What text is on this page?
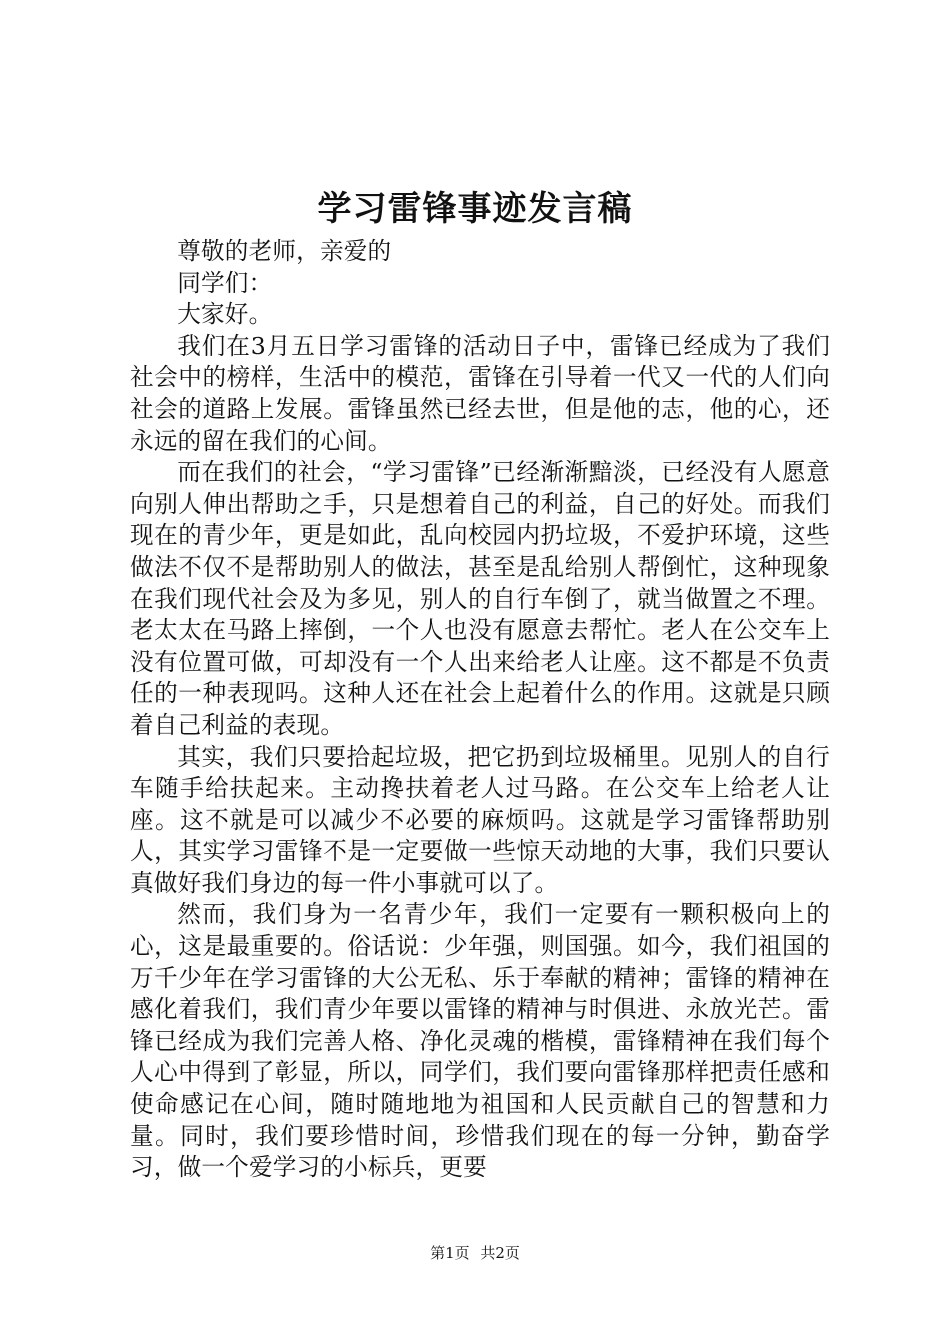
学习雷锋事迹发言稿

尊敬的老师，亲爱的

同学们：

大家好。

我们在3月五日学习雷锋的活动日子中，雷锋已经成为了我们社会中的榜样，生活中的模范，雷锋在引导着一代又一代的人们向社会的道路上发展。雷锋虽然已经去世，但是他的志，他的心，还永远的留在我们的心间。

而在我们的社会，“学习雷锋”已经渐渐黯淡，已经没有人愿意向别人伸出帮助之手，只是想着自己的利益，自己的好处。而我们现在的青少年，更是如此，乱向校园内扔垃圾，不爱护环境，这些做法不仅不是帮助别人的做法，甚至是乱给别人帮倒忙，这种现象在我们现代社会及为多见，别人的自行车倒了，就当做置之不理。老太太在马路上摔倒，一个人也没有愿意去帮忙。老人在公交车上没有位置可做，可却没有一个人出来给老人让座。这不都是不负责任的一种表现吗。这种人还在社会上起着什么的作用。这就是只顾着自己利益的表现。

其实，我们只要拾起垃圾，把它扔到垃圾桶里。见别人的自行车随手给扶起来。主动搀扶着老人过马路。在公交车上给老人让座。这不就是可以减少不必要的麻烦吗。这就是学习雷锋帮助别人，其实学习雷锋不是一定要做一些惊天动地的大事，我们只要认真做好我们身边的每一件小事就可以了。

然而，我们身为一名青少年，我们一定要有一颗积极向上的心，这是最重要的。俗话说：少年强，则国强。如今，我们祖国的万千少年在学习雷锋的大公无私、乐于奉献的精神；雷锋的精神在感化着我们，我们青少年要以雷锋的精神与时俱进、永放光芒。雷锋已经成为我们完善人格、净化灵魂的楷模，雷锋精神在我们每个人心中得到了彰显，所以，同学们，我们要向雷锋那样把责任感和使命感记在心间，随时随地地为祖国和人民贡献自己的智慧和力量。同时，我们要珍惜时间，珍惜我们现在的每一分钟，勤奋学习，做一个爱学习的小标兵，更要

第1页 共2页
